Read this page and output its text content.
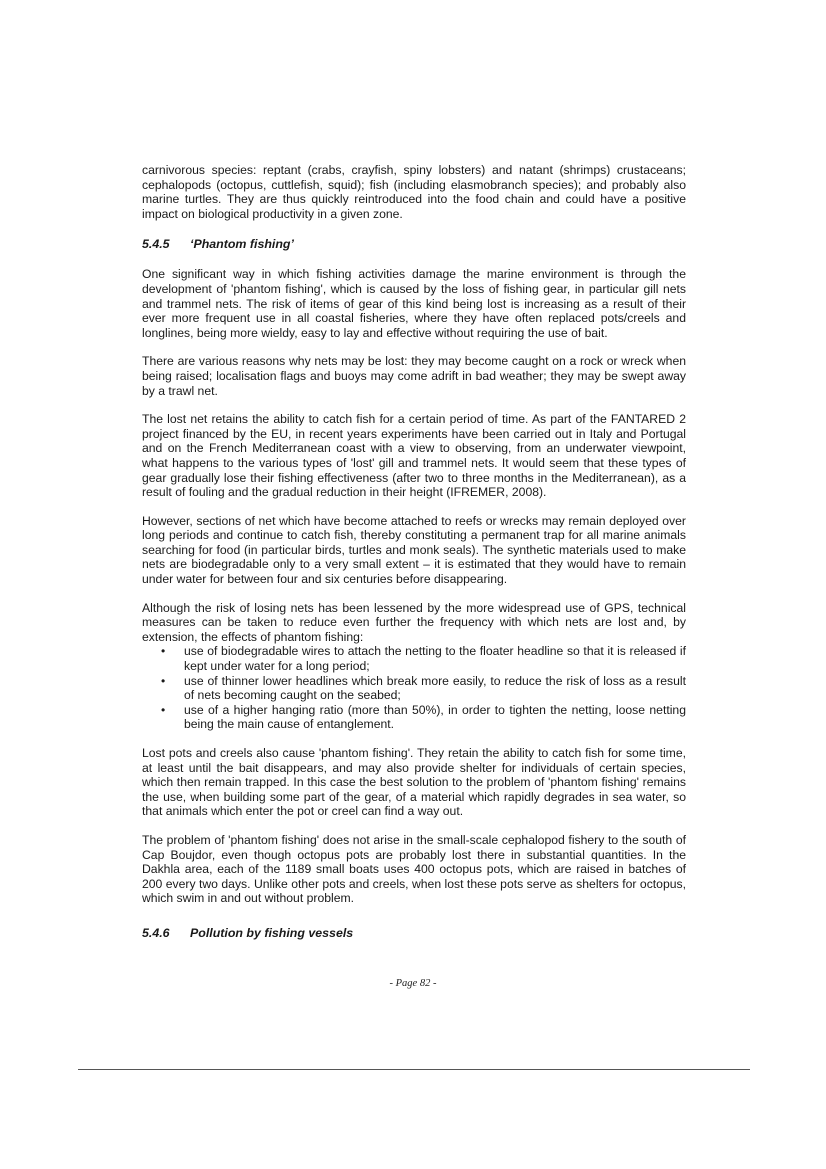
carnivorous species: reptant (crabs, crayfish, spiny lobsters) and natant (shrimps) crustaceans; cephalopods (octopus, cuttlefish, squid); fish (including elasmobranch species); and probably also marine turtles. They are thus quickly reintroduced into the food chain and could have a positive impact on biological productivity in a given zone.

5.4.5 ‘Phantom fishing’

One significant way in which fishing activities damage the marine environment is through the development of 'phantom fishing', which is caused by the loss of fishing gear, in particular gill nets and trammel nets. The risk of items of gear of this kind being lost is increasing as a result of their ever more frequent use in all coastal fisheries, where they have often replaced pots/creels and longlines, being more wieldy, easy to lay and effective without requiring the use of bait.

There are various reasons why nets may be lost: they may become caught on a rock or wreck when being raised; localisation flags and buoys may come adrift in bad weather; they may be swept away by a trawl net.

The lost net retains the ability to catch fish for a certain period of time. As part of the FANTARED 2 project financed by the EU, in recent years experiments have been carried out in Italy and Portugal and on the French Mediterranean coast with a view to observing, from an underwater viewpoint, what happens to the various types of 'lost' gill and trammel nets. It would seem that these types of gear gradually lose their fishing effectiveness (after two to three months in the Mediterranean), as a result of fouling and the gradual reduction in their height (IFREMER, 2008).

However, sections of net which have become attached to reefs or wrecks may remain deployed over long periods and continue to catch fish, thereby constituting a permanent trap for all marine animals searching for food (in particular birds, turtles and monk seals). The synthetic materials used to make nets are biodegradable only to a very small extent – it is estimated that they would have to remain under water for between four and six centuries before disappearing.

Although the risk of losing nets has been lessened by the more widespread use of GPS, technical measures can be taken to reduce even further the frequency with which nets are lost and, by extension, the effects of phantom fishing:

• use of biodegradable wires to attach the netting to the floater headline so that it is released if kept under water for a long period;
• use of thinner lower headlines which break more easily, to reduce the risk of loss as a result of nets becoming caught on the seabed;
• use of a higher hanging ratio (more than 50%), in order to tighten the netting, loose netting being the main cause of entanglement.

Lost pots and creels also cause 'phantom fishing'. They retain the ability to catch fish for some time, at least until the bait disappears, and may also provide shelter for individuals of certain species, which then remain trapped. In this case the best solution to the problem of 'phantom fishing' remains the use, when building some part of the gear, of a material which rapidly degrades in sea water, so that animals which enter the pot or creel can find a way out.

The problem of 'phantom fishing' does not arise in the small-scale cephalopod fishery to the south of Cap Boujdor, even though octopus pots are probably lost there in substantial quantities. In the Dakhla area, each of the 1189 small boats uses 400 octopus pots, which are raised in batches of 200 every two days. Unlike other pots and creels, when lost these pots serve as shelters for octopus, which swim in and out without problem.

5.4.6 Pollution by fishing vessels
- Page 82 -
